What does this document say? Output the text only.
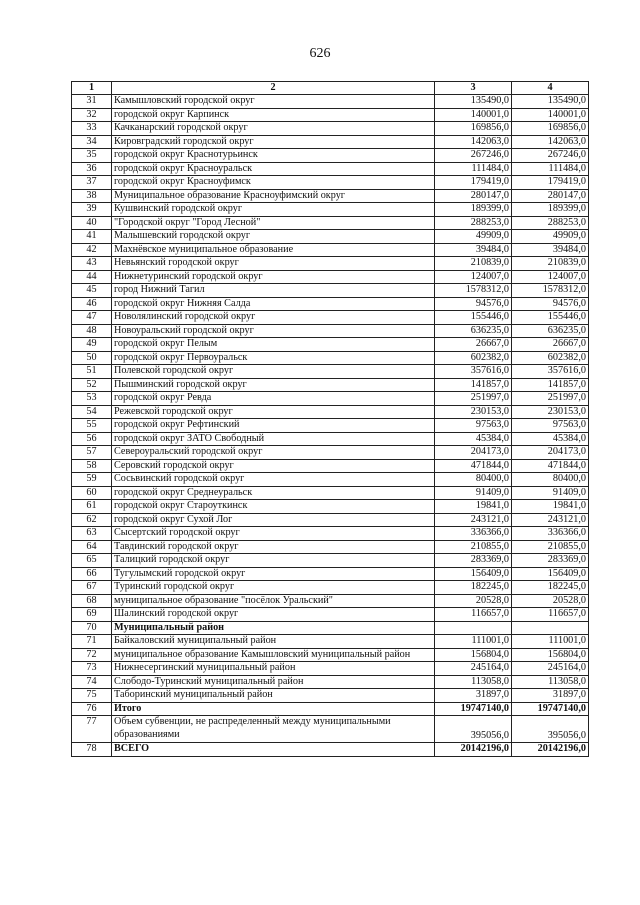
626
1	2	3	4
31	Камышловский городской округ	135490,0	135490,0
32	городской округ Карпинск	140001,0	140001,0
33	Качканарский городской округ	169856,0	169856,0
34	Кировградский городской округ	142063,0	142063,0
35	городской округ Краснотурьинск	267246,0	267246,0
36	городской округ Красноуральск	111484,0	111484,0
37	городской округ Красноуфимск	179419,0	179419,0
38	Муниципальное образование Красноуфимский округ	280147,0	280147,0
39	Кушвинский городской округ	189399,0	189399,0
40	"Городской округ "Город Лесной"	288253,0	288253,0
41	Малышевский городской округ	49909,0	49909,0
42	Махнёвское муниципальное образование	39484,0	39484,0
43	Невьянский городской округ	210839,0	210839,0
44	Нижнетуринский городской округ	124007,0	124007,0
45	город Нижний Тагил	1578312,0	1578312,0
46	городской округ Нижняя Салда	94576,0	94576,0
47	Новолялинский городской округ	155446,0	155446,0
48	Новоуральский городской округ	636235,0	636235,0
49	городской округ Пелым	26667,0	26667,0
50	городской округ Первоуральск	602382,0	602382,0
51	Полевской городской округ	357616,0	357616,0
52	Пышминский городской округ	141857,0	141857,0
53	городской округ Ревда	251997,0	251997,0
54	Режевской городской округ	230153,0	230153,0
55	городской округ Рефтинский	97563,0	97563,0
56	городской округ ЗАТО Свободный	45384,0	45384,0
57	Североуральский городской округ	204173,0	204173,0
58	Серовский городской округ	471844,0	471844,0
59	Сосьвинский городской округ	80400,0	80400,0
60	городской округ Среднеуральск	91409,0	91409,0
61	городской округ Староуткинск	19841,0	19841,0
62	городской округ Сухой Лог	243121,0	243121,0
63	Сысертский городской округ	336366,0	336366,0
64	Тавдинский городской округ	210855,0	210855,0
65	Талицкий городской округ	283369,0	283369,0
66	Тугулымский городской округ	156409,0	156409,0
67	Туринский городской округ	182245,0	182245,0
68	муниципальное образование "посёлок Уральский"	20528,0	20528,0
69	Шалинский городской округ	116657,0	116657,0
70	Муниципальный район		
71	Байкаловский муниципальный район	111001,0	111001,0
72	муниципальное образование Камышловский муниципальный район	156804,0	156804,0
73	Нижнесергинский муниципальный район	245164,0	245164,0
74	Слободо-Туринский муниципальный район	113058,0	113058,0
75	Таборинский муниципальный район	31897,0	31897,0
76	Итого	19747140,0	19747140,0
77	Объем субвенции, не распределенный между муниципальными образованиями	395056,0	395056,0
78	ВСЕГО	20142196,0	20142196,0
